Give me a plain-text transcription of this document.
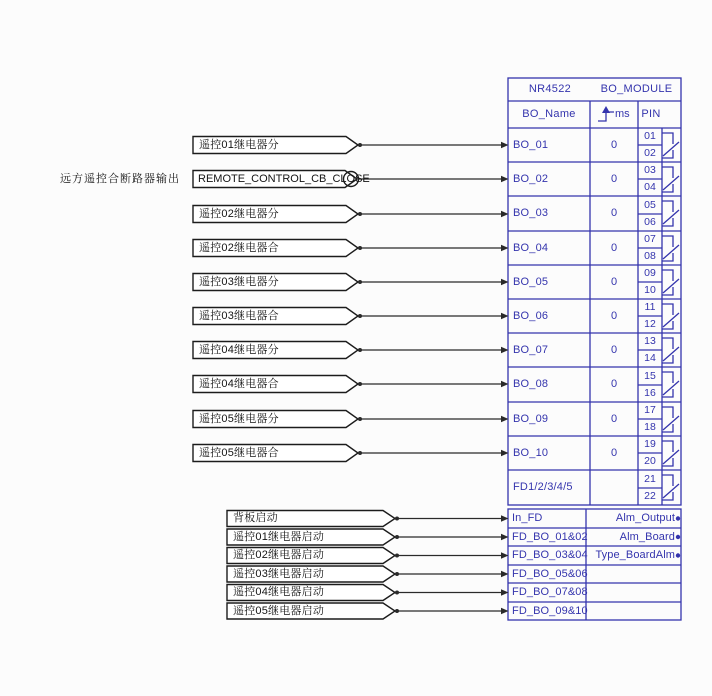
远方遥控合断路器输出
遥控01继电器分
REMOTE_CONTROL_CB_CLOSE
遥控02继电器分
遥控02继电器合
遥控03继电器分
遥控03继电器合
遥控04继电器分
遥控04继电器合
遥控05继电器分
遥控05继电器合
背板启动
遥控01继电器启动
遥控02继电器启动
遥控03继电器启动
遥控04继电器启动
遥控05继电器启动
NR4522	BO_MODULE
BO_Name	ms	PIN
BO_01	0
01
02
BO_02	0
03
04
BO_03	0
05
06
BO_04	0
07
08
BO_05	0
09
10
BO_06	0
11
12
BO_07	0
13
14
BO_08	0
15
16
BO_09	0
17
18
BO_10	0
19
20
FD1/2/3/4/5
21
22
In_FD	Alm_Output
FD_BO_01&02	Alm_Board
FD_BO_03&04 Type_BoardAlm
FD_BO_05&06
FD_BO_07&08
FD_BO_09&10
